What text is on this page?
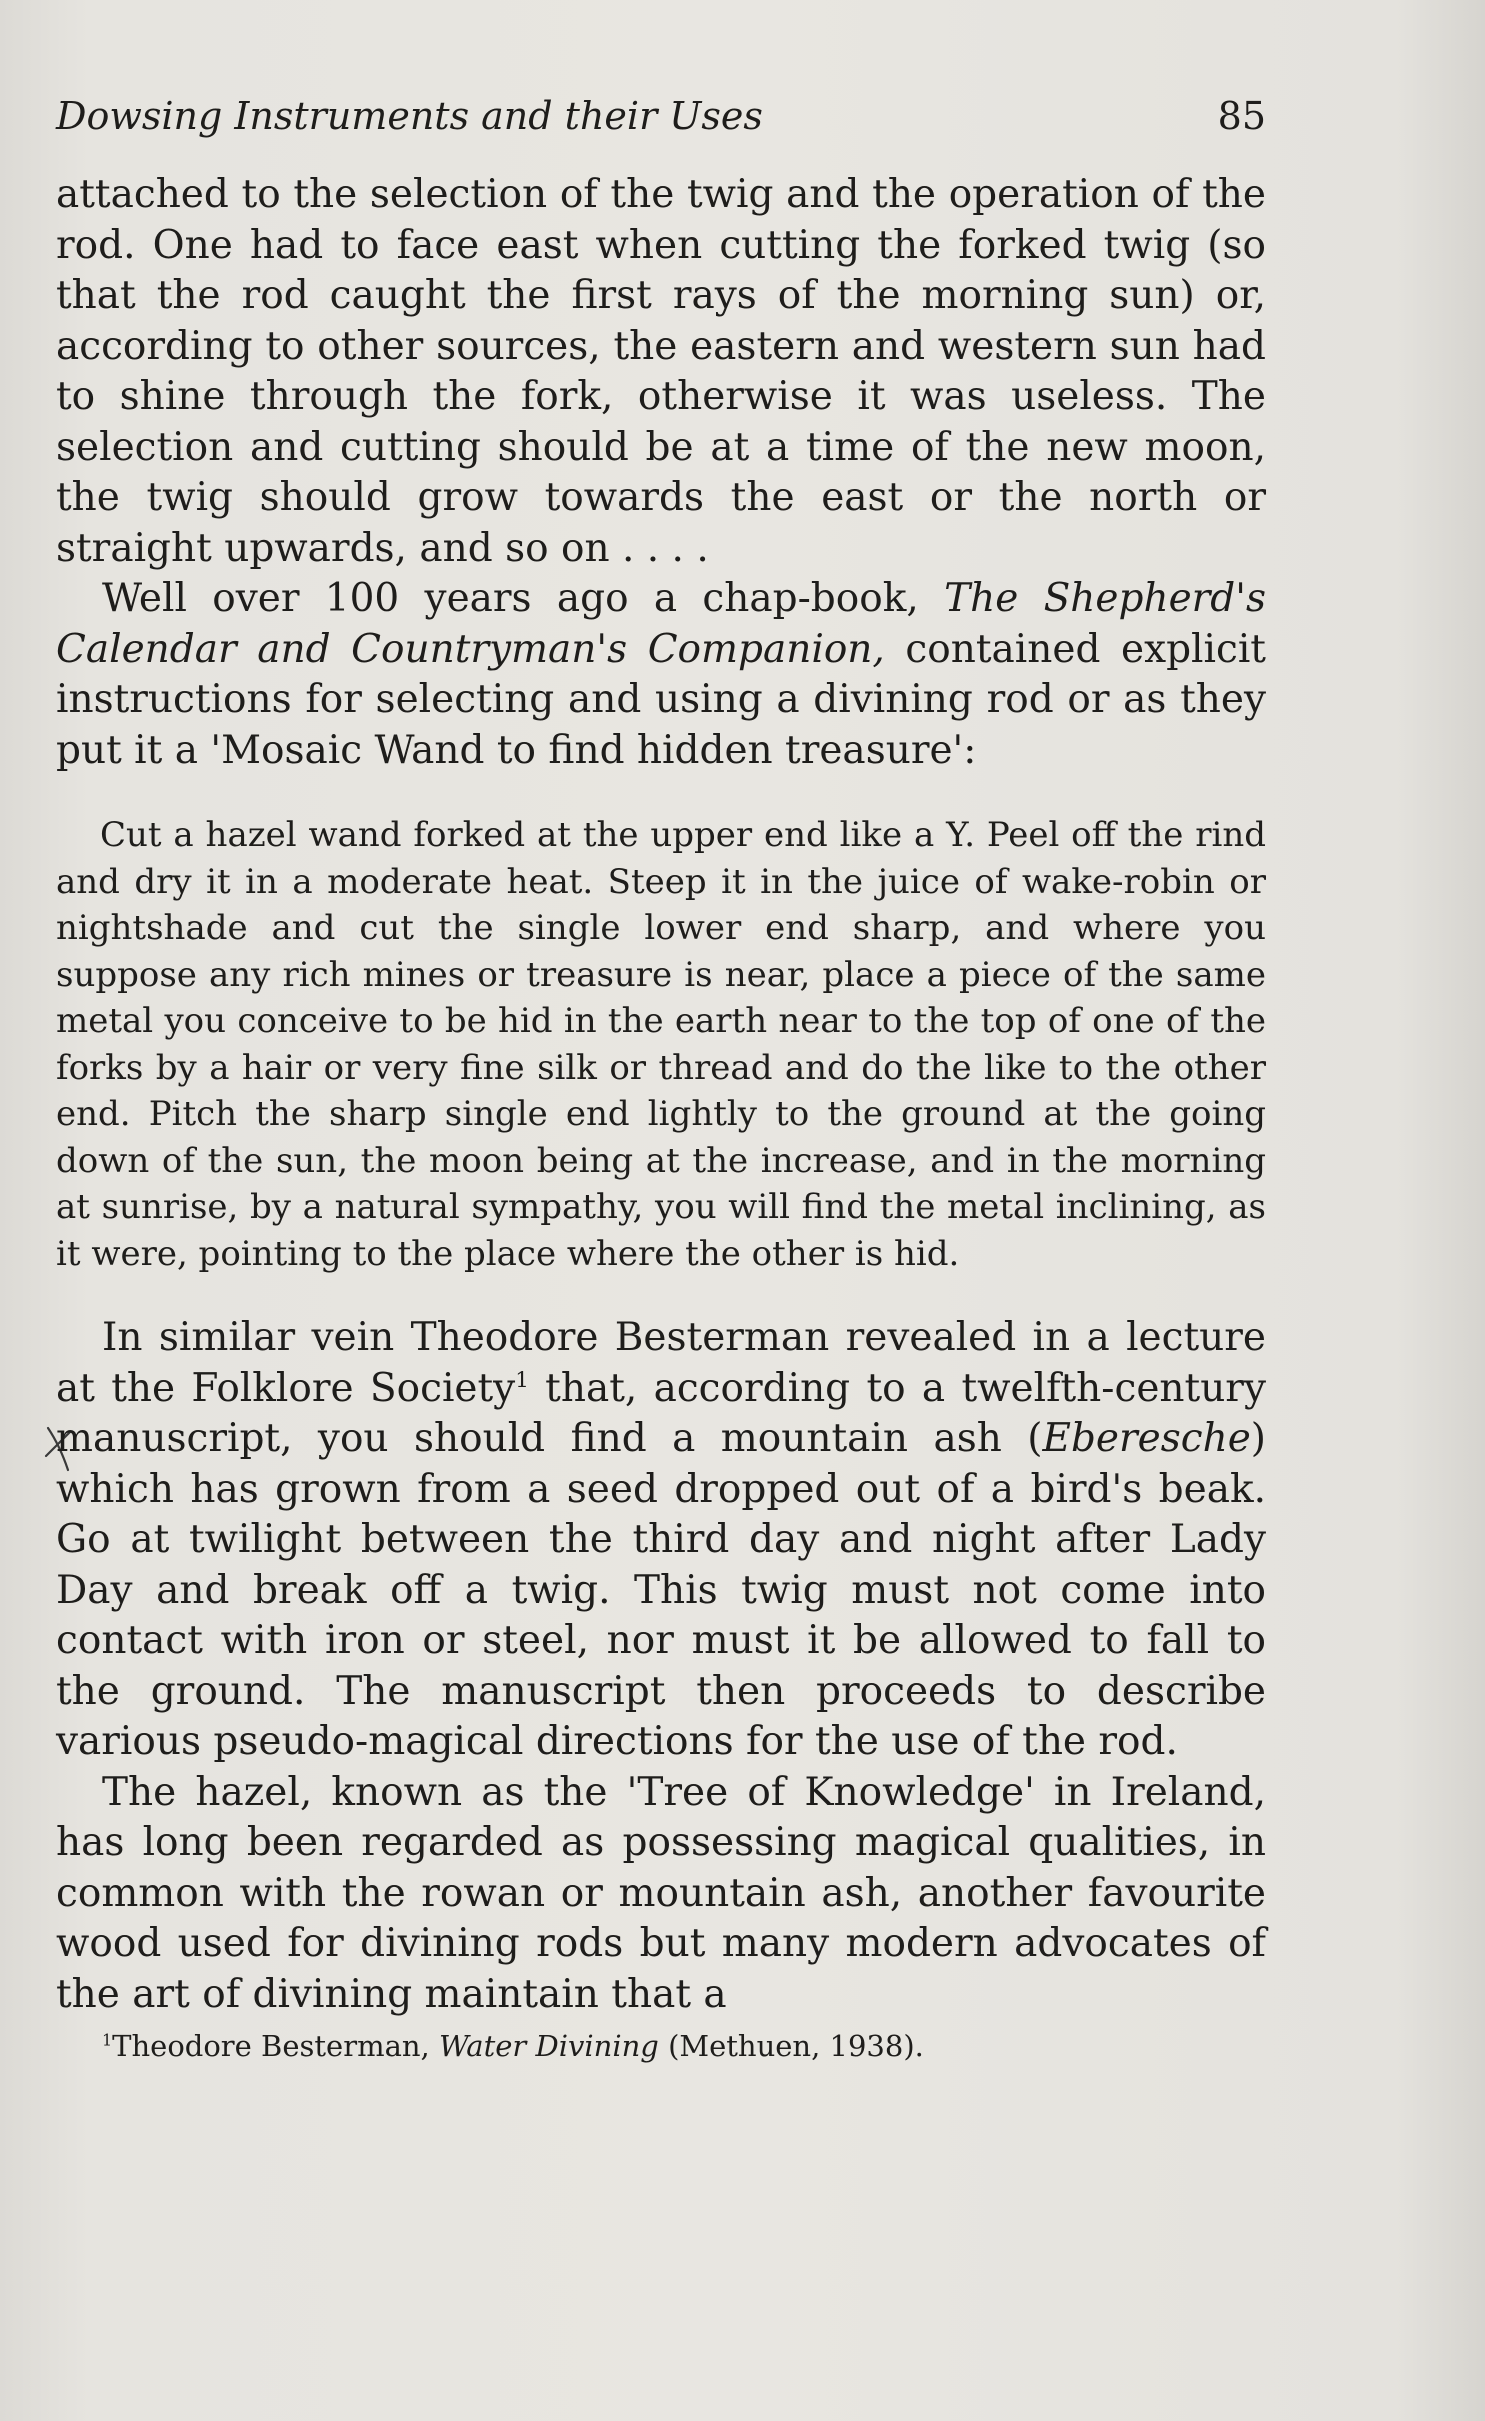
Dowsing Instruments and their Uses	85

attached to the selection of the twig and the operation of the rod. One had to face east when cutting the forked twig (so that the rod caught the first rays of the morning sun) or, according to other sources, the eastern and western sun had to shine through the fork, otherwise it was useless. The selection and cutting should be at a time of the new moon, the twig should grow towards the east or the north or straight upwards, and so on . . . .

Well over 100 years ago a chap-book, The Shepherd's Calendar and Countryman's Companion, contained explicit instructions for selecting and using a divining rod or as they put it a 'Mosaic Wand to find hidden treasure':

Cut a hazel wand forked at the upper end like a Y. Peel off the rind and dry it in a moderate heat. Steep it in the juice of wake-robin or nightshade and cut the single lower end sharp, and where you suppose any rich mines or treasure is near, place a piece of the same metal you conceive to be hid in the earth near to the top of one of the forks by a hair or very fine silk or thread and do the like to the other end. Pitch the sharp single end lightly to the ground at the going down of the sun, the moon being at the increase, and in the morning at sunrise, by a natural sympathy, you will find the metal inclining, as it were, pointing to the place where the other is hid.

In similar vein Theodore Besterman revealed in a lecture at the Folklore Society$^1$ that, according to a twelfth-century manuscript, you should find a mountain ash (Eberesche) which has grown from a seed dropped out of a bird's beak. Go at twilight between the third day and night after Lady Day and break off a twig. This twig must not come into contact with iron or steel, nor must it be allowed to fall to the ground. The manuscript then proceeds to describe various pseudo-magical directions for the use of the rod.

The hazel, known as the 'Tree of Knowledge' in Ireland, has long been regarded as possessing magical qualities, in common with the rowan or mountain ash, another favourite wood used for divining rods but many modern advocates of the art of divining maintain that a

$^1$Theodore Besterman, Water Divining (Methuen, 1938).
